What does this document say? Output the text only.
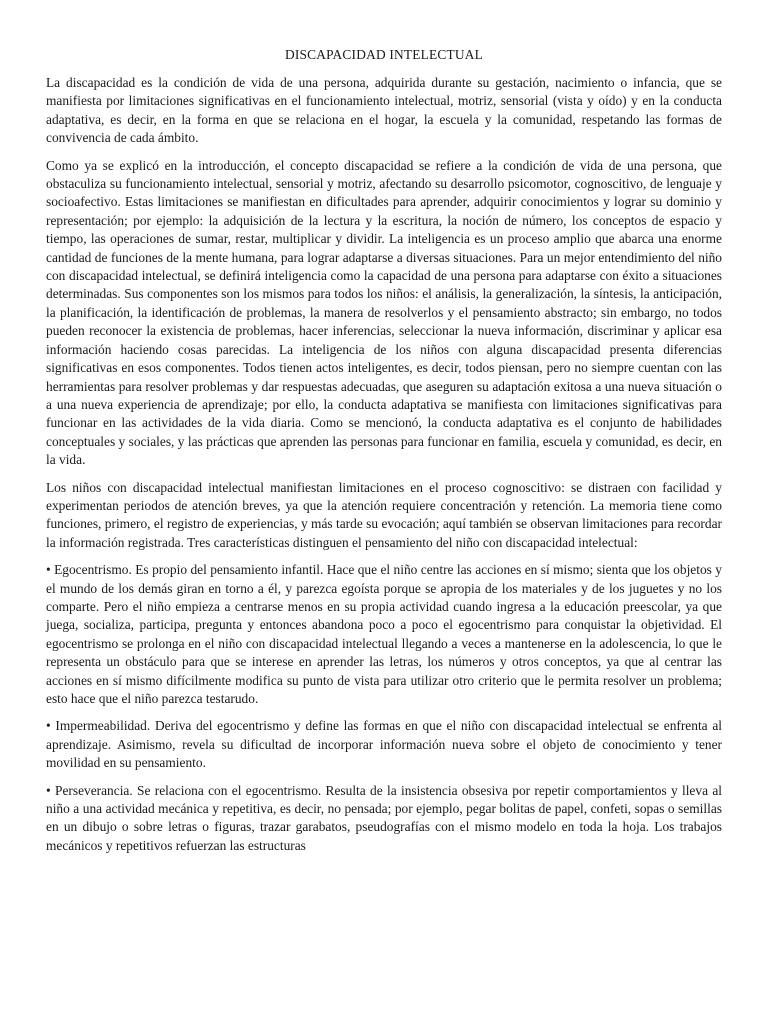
DISCAPACIDAD INTELECTUAL

La discapacidad es la condición de vida de una persona, adquirida durante su gestación, nacimiento o infancia, que se manifiesta por limitaciones significativas en el funcionamiento intelectual, motriz, sensorial (vista y oído) y en la conducta adaptativa, es decir, en la forma en que se relaciona en el hogar, la escuela y la comunidad, respetando las formas de convivencia de cada ámbito.

Como ya se explicó en la introducción, el concepto discapacidad se refiere a la condición de vida de una persona, que obstaculiza su funcionamiento intelectual, sensorial y motriz, afectando su desarrollo psicomotor, cognoscitivo, de lenguaje y socioafectivo. Estas limitaciones se manifiestan en dificultades para aprender, adquirir conocimientos y lograr su dominio y representación; por ejemplo: la adquisición de la lectura y la escritura, la noción de número, los conceptos de espacio y tiempo, las operaciones de sumar, restar, multiplicar y dividir. La inteligencia es un proceso amplio que abarca una enorme cantidad de funciones de la mente humana, para lograr adaptarse a diversas situaciones. Para un mejor entendimiento del niño con discapacidad intelectual, se definirá inteligencia como la capacidad de una persona para adaptarse con éxito a situaciones determinadas. Sus componentes son los mismos para todos los niños: el análisis, la generalización, la síntesis, la anticipación, la planificación, la identificación de problemas, la manera de resolverlos y el pensamiento abstracto; sin embargo, no todos pueden reconocer la existencia de problemas, hacer inferencias, seleccionar la nueva información, discriminar y aplicar esa información haciendo cosas parecidas. La inteligencia de los niños con alguna discapacidad presenta diferencias significativas en esos componentes. Todos tienen actos inteligentes, es decir, todos piensan, pero no siempre cuentan con las herramientas para resolver problemas y dar respuestas adecuadas, que aseguren su adaptación exitosa a una nueva situación o a una nueva experiencia de aprendizaje; por ello, la conducta adaptativa se manifiesta con limitaciones significativas para funcionar en las actividades de la vida diaria. Como se mencionó, la conducta adaptativa es el conjunto de habilidades conceptuales y sociales, y las prácticas que aprenden las personas para funcionar en familia, escuela y comunidad, es decir, en la vida.

Los niños con discapacidad intelectual manifiestan limitaciones en el proceso cognoscitivo: se distraen con facilidad y experimentan periodos de atención breves, ya que la atención requiere concentración y retención. La memoria tiene como funciones, primero, el registro de experiencias, y más tarde su evocación; aquí también se observan limitaciones para recordar la información registrada. Tres características distinguen el pensamiento del niño con discapacidad intelectual:

• Egocentrismo. Es propio del pensamiento infantil. Hace que el niño centre las acciones en sí mismo; sienta que los objetos y el mundo de los demás giran en torno a él, y parezca egoísta porque se apropia de los materiales y de los juguetes y no los comparte. Pero el niño empieza a centrarse menos en su propia actividad cuando ingresa a la educación preescolar, ya que juega, socializa, participa, pregunta y entonces abandona poco a poco el egocentrismo para conquistar la objetividad. El egocentrismo se prolonga en el niño con discapacidad intelectual llegando a veces a mantenerse en la adolescencia, lo que le representa un obstáculo para que se interese en aprender las letras, los números y otros conceptos, ya que al centrar las acciones en sí mismo difícilmente modifica su punto de vista para utilizar otro criterio que le permita resolver un problema; esto hace que el niño parezca testarudo.

• Impermeabilidad. Deriva del egocentrismo y define las formas en que el niño con discapacidad intelectual se enfrenta al aprendizaje. Asimismo, revela su dificultad de incorporar información nueva sobre el objeto de conocimiento y tener movilidad en su pensamiento.

• Perseverancia. Se relaciona con el egocentrismo. Resulta de la insistencia obsesiva por repetir comportamientos y lleva al niño a una actividad mecánica y repetitiva, es decir, no pensada; por ejemplo, pegar bolitas de papel, confeti, sopas o semillas en un dibujo o sobre letras o figuras, trazar garabatos, pseudografías con el mismo modelo en toda la hoja. Los trabajos mecánicos y repetitivos refuerzan las estructuras
